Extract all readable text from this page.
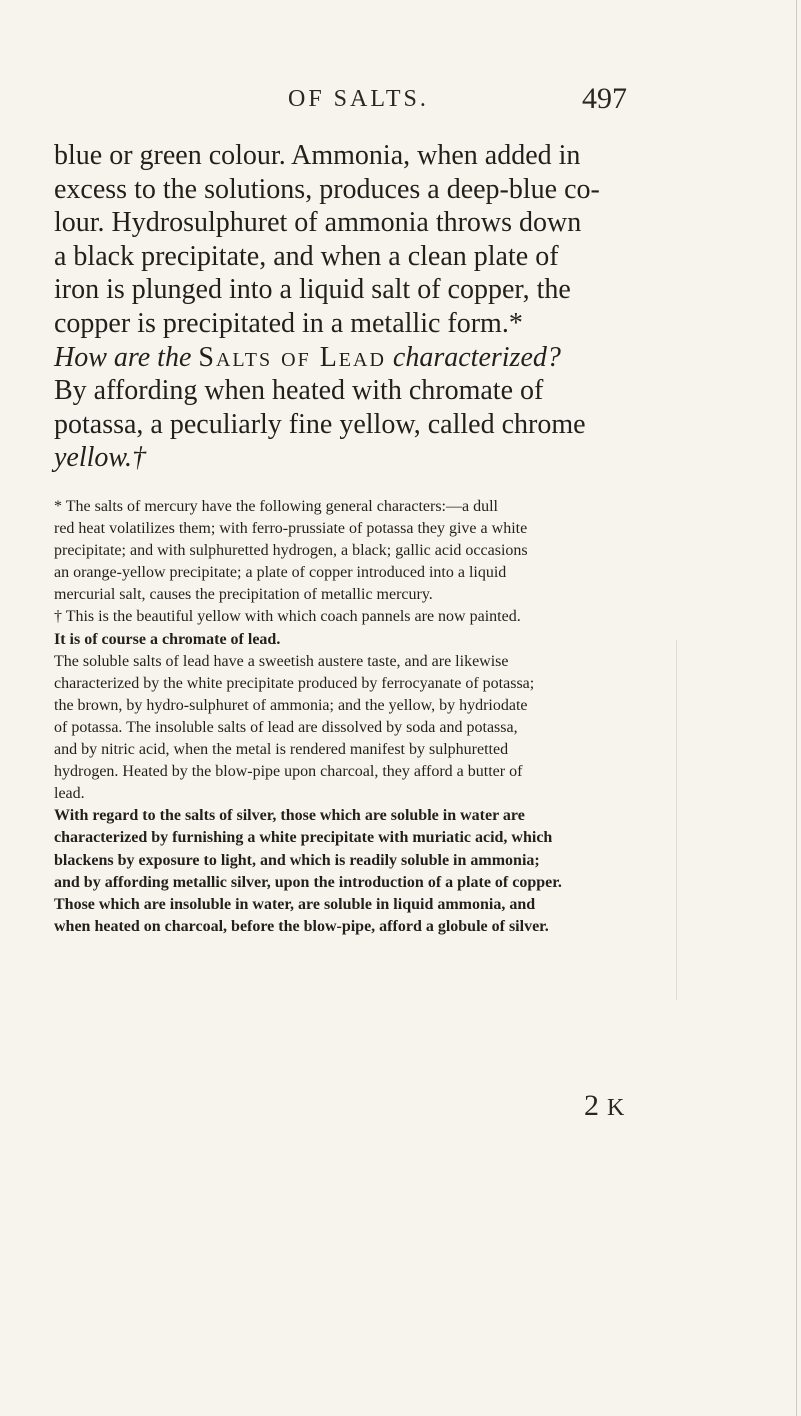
OF SALTS.	497
blue or green colour. Ammonia, when added in
excess to the solutions, produces a deep-blue co-
lour. Hydrosulphuret of ammonia throws down
a black precipitate, and when a clean plate of
iron is plunged into a liquid salt of copper, the
copper is precipitated in a metallic form.*
How are the Salts of Lead characterized?
By affording when heated with chromate of
potassa, a peculiarly fine yellow, called chrome
yellow.†
* The salts of mercury have the following general characters:—a dull
red heat volatilizes them; with ferro-prussiate of potassa they give a white
precipitate; and with sulphuretted hydrogen, a black; gallic acid occasions
an orange-yellow precipitate; a plate of copper introduced into a liquid
mercurial salt, causes the precipitation of metallic mercury.
† This is the beautiful yellow with which coach pannels are now painted.
It is of course a chromate of lead.
The soluble salts of lead have a sweetish austere taste, and are likewise
characterized by the white precipitate produced by ferrocyanate of potassa;
the brown, by hydro-sulphuret of ammonia; and the yellow, by hydriodate
of potassa. The insoluble salts of lead are dissolved by soda and potassa,
and by nitric acid, when the metal is rendered manifest by sulphuretted
hydrogen. Heated by the blow-pipe upon charcoal, they afford a butter of
lead.
With regard to the salts of silver, those which are soluble in water are
characterized by furnishing a white precipitate with muriatic acid, which
blackens by exposure to light, and which is readily soluble in ammonia;
and by affording metallic silver, upon the introduction of a plate of copper.
Those which are insoluble in water, are soluble in liquid ammonia, and
when heated on charcoal, before the blow-pipe, afford a globule of silver.
2 K
